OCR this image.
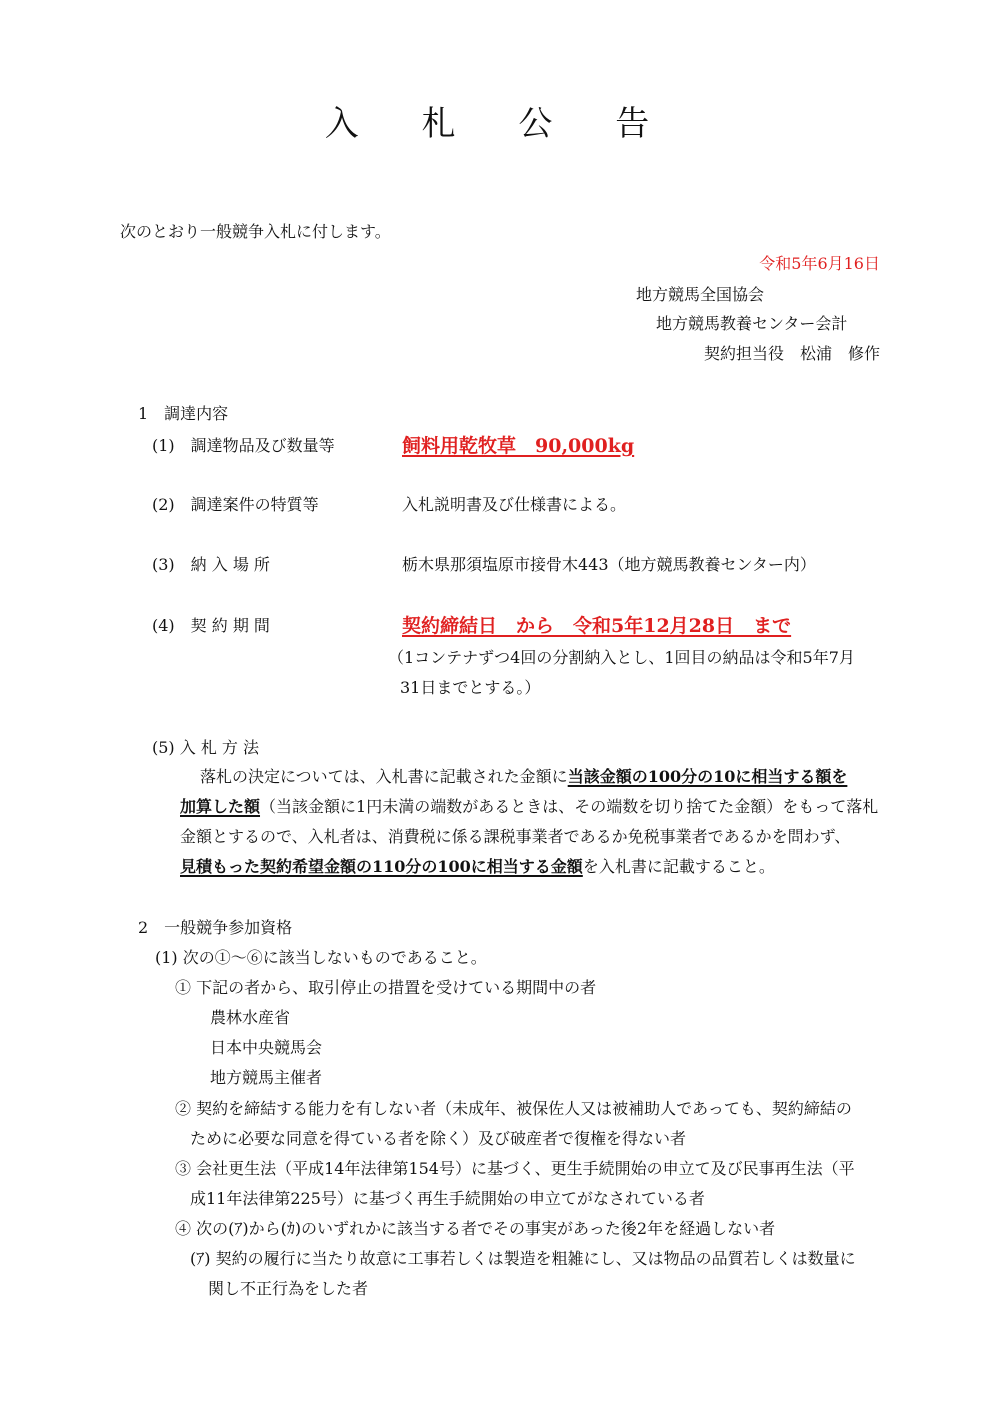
入 札 公 告
次のとおり一般競争入札に付します。
令和5年6月16日
地方競馬全国協会
地方競馬教養センター会計
契約担当役　松浦　修作
1　調達内容
(1)　調達物品及び数量等	飼料用乾牧草　90,000kg
(2)　調達案件の特質等	入札説明書及び仕様書による。
(3)　納 入 場 所	栃木県那須塩原市接骨木443（地方競馬教養センター内）
(4)　契 約 期 間	契約締結日　から　令和5年12月28日　まで
（1コンテナずつ4回の分割納入とし、1回目の納品は令和5年7月
31日までとする。）
(5) 入 札 方 法
落札の決定については、入札書に記載された金額に当該金額の100分の10に相当する額を
加算した額（当該金額に1円未満の端数があるときは、その端数を切り捨てた金額）をもって落札
金額とするので、入札者は、消費税に係る課税事業者であるか免税事業者であるかを問わず、
見積もった契約希望金額の110分の100に相当する金額を入札書に記載すること。
2　一般競争参加資格
(1) 次の①～⑥に該当しないものであること。
① 下記の者から、取引停止の措置を受けている期間中の者
農林水産省
日本中央競馬会
地方競馬主催者
② 契約を締結する能力を有しない者（未成年、被保佐人又は被補助人であっても、契約締結の
ために必要な同意を得ている者を除く）及び破産者で復権を得ない者
③ 会社更生法（平成14年法律第154号）に基づく、更生手続開始の申立て及び民事再生法（平
成11年法律第225号）に基づく再生手続開始の申立てがなされている者
④ 次の(ｱ)から(ｶ)のいずれかに該当する者でその事実があった後2年を経過しない者
(ｱ) 契約の履行に当たり故意に工事若しくは製造を粗雑にし、又は物品の品質若しくは数量に
関し不正行為をした者
